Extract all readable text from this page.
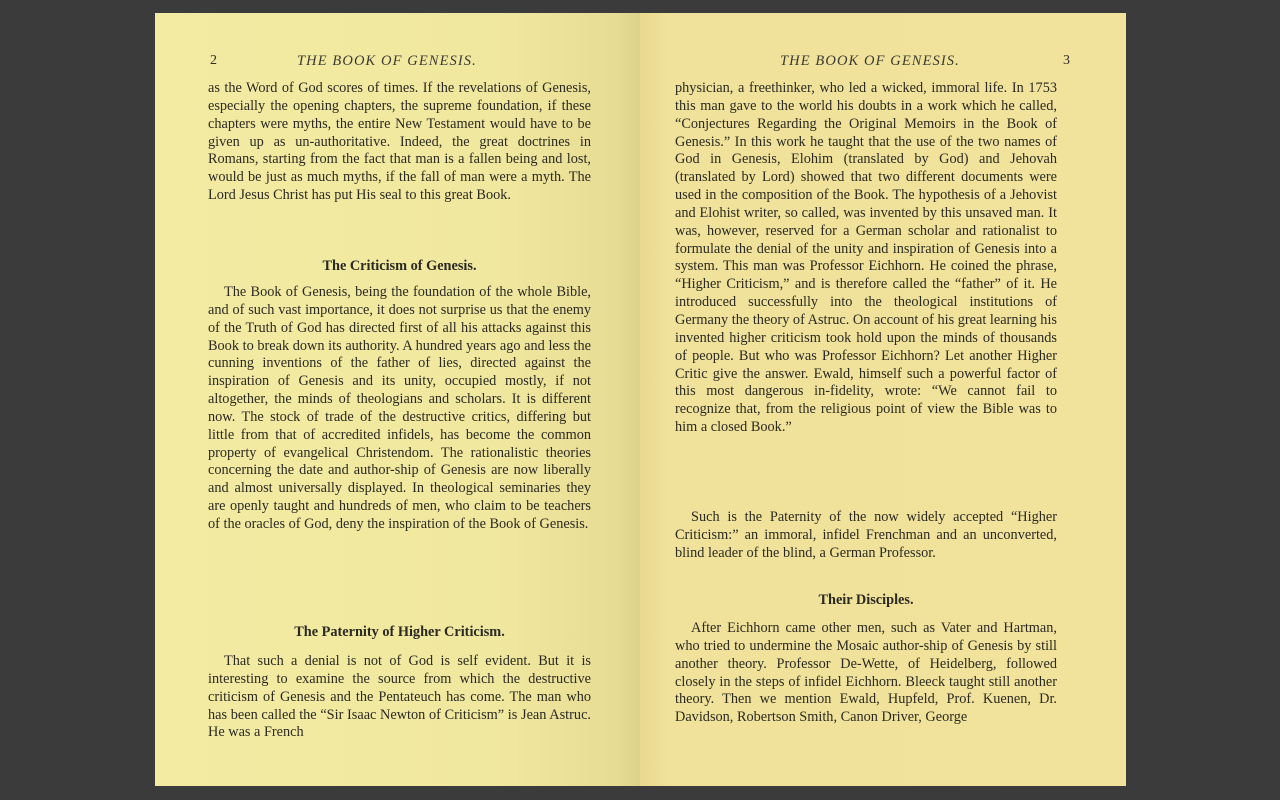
2	THE BOOK OF GENESIS.

as the Word of God scores of times. If the revelations of Genesis, especially the opening chapters, the supreme foundation, if these chapters were myths, the entire New Testament would have to be given up as un-authoritative. Indeed, the great doctrines in Romans, starting from the fact that man is a fallen being and lost, would be just as much myths, if the fall of man were a myth. The Lord Jesus Christ has put His seal to this great Book.

The Criticism of Genesis.

The Book of Genesis, being the foundation of the whole Bible, and of such vast importance, it does not surprise us that the enemy of the Truth of God has directed first of all his attacks against this Book to break down its authority. A hundred years ago and less the cunning inventions of the father of lies, directed against the inspiration of Genesis and its unity, occupied mostly, if not altogether, the minds of theologians and scholars. It is different now. The stock of trade of the destructive critics, differing but little from that of accredited infidels, has become the common property of evangelical Christendom. The rationalistic theories concerning the date and author-ship of Genesis are now liberally and almost universally displayed. In theological seminaries they are openly taught and hundreds of men, who claim to be teachers of the oracles of God, deny the inspiration of the Book of Genesis.

The Paternity of Higher Criticism.

That such a denial is not of God is self evident. But it is interesting to examine the source from which the destructive criticism of Genesis and the Pentateuch has come. The man who has been called the “Sir Isaac Newton of Criticism” is Jean Astruc. He was a French

THE BOOK OF GENESIS.	3

physician, a freethinker, who led a wicked, immoral life. In 1753 this man gave to the world his doubts in a work which he called, “Conjectures Regarding the Original Memoirs in the Book of Genesis.” In this work he taught that the use of the two names of God in Genesis, Elohim (translated by God) and Jehovah (translated by Lord) showed that two different documents were used in the composition of the Book. The hypothesis of a Jehovist and Elohist writer, so called, was invented by this unsaved man. It was, however, reserved for a German scholar and rationalist to formulate the denial of the unity and inspiration of Genesis into a system. This man was Professor Eichhorn. He coined the phrase, “Higher Criticism,” and is therefore called the “father” of it. He introduced successfully into the theological institutions of Germany the theory of Astruc. On account of his great learning his invented higher criticism took hold upon the minds of thousands of people. But who was Professor Eichhorn? Let another Higher Critic give the answer. Ewald, himself such a powerful factor of this most dangerous in-fidelity, wrote: “We cannot fail to recognize that, from the religious point of view the Bible was to him a closed Book.”

Such is the Paternity of the now widely accepted “Higher Criticism:” an immoral, infidel Frenchman and an unconverted, blind leader of the blind, a German Professor.

Their Disciples.

After Eichhorn came other men, such as Vater and Hartman, who tried to undermine the Mosaic author-ship of Genesis by still another theory. Professor De-Wette, of Heidelberg, followed closely in the steps of infidel Eichhorn. Bleeck taught still another theory. Then we mention Ewald, Hupfeld, Prof. Kuenen, Dr. Davidson, Robertson Smith, Canon Driver, George
